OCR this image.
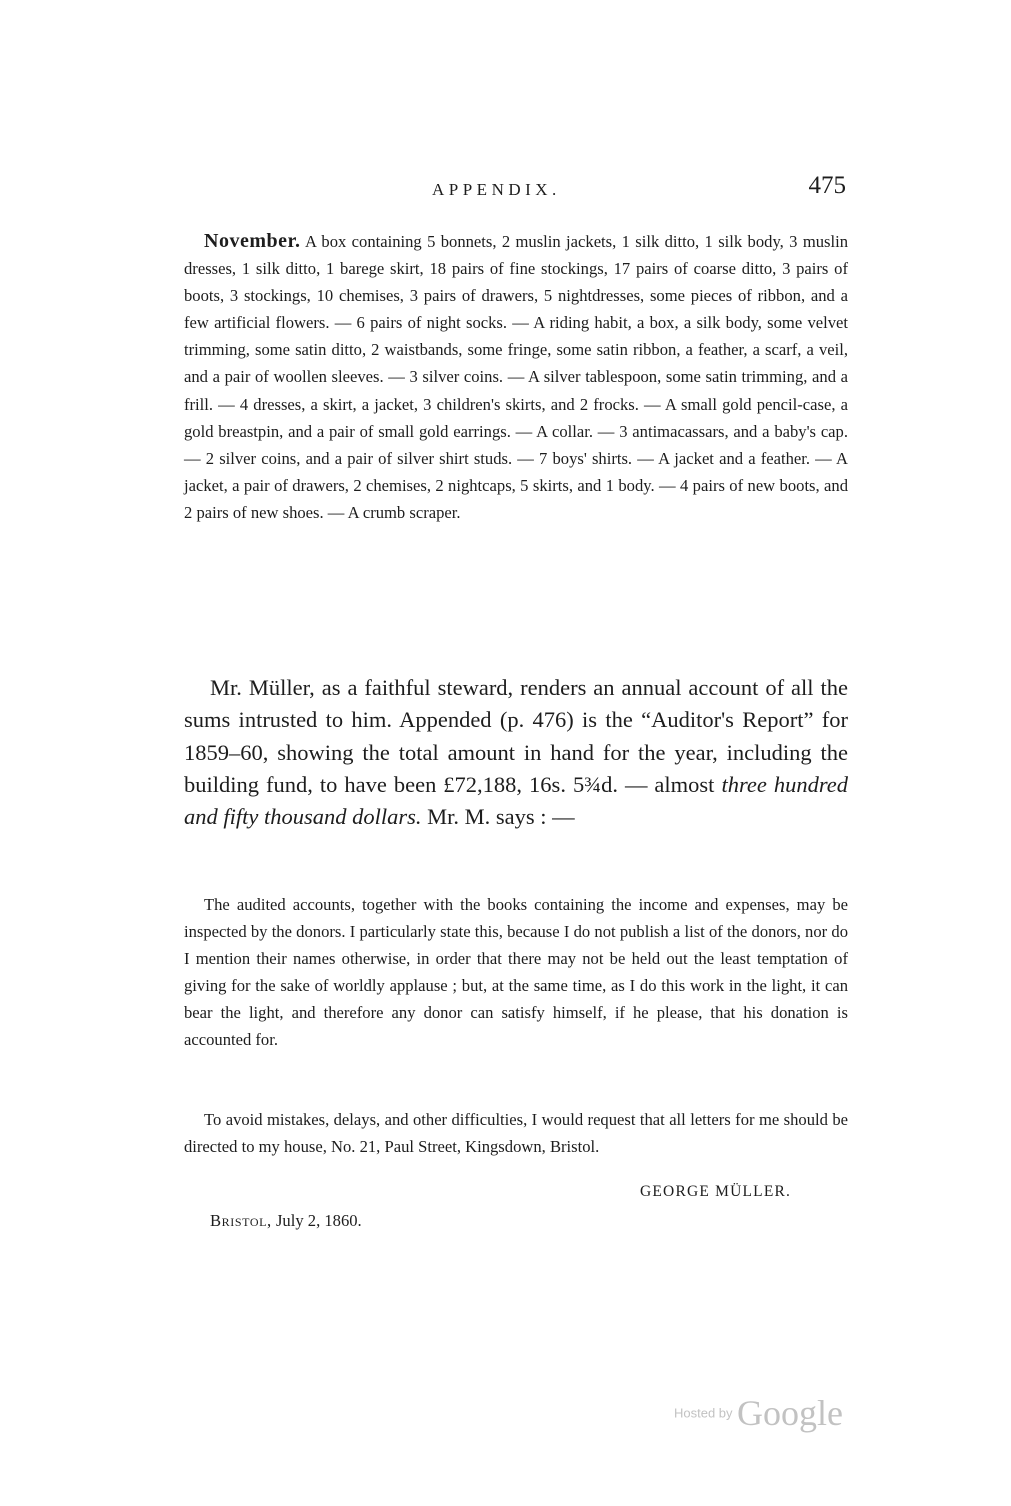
APPENDIX.	475
November. A box containing 5 bonnets, 2 muslin jackets, 1 silk ditto, 1 silk body, 3 muslin dresses, 1 silk ditto, 1 barege skirt, 18 pairs of fine stockings, 17 pairs of coarse ditto, 3 pairs of boots, 3 stockings, 10 chemises, 3 pairs of drawers, 5 nightdresses, some pieces of ribbon, and a few artificial flowers. — 6 pairs of night socks. — A riding habit, a box, a silk body, some velvet trimming, some satin ditto, 2 waistbands, some fringe, some satin ribbon, a feather, a scarf, a veil, and a pair of woollen sleeves. — 3 silver coins. — A silver tablespoon, some satin trimming, and a frill. — 4 dresses, a skirt, a jacket, 3 children's skirts, and 2 frocks. — A small gold pencil-case, a gold breastpin, and a pair of small gold earrings. — A collar. — 3 antimacassars, and a baby's cap. — 2 silver coins, and a pair of silver shirt studs. — 7 boys' shirts. — A jacket and a feather. — A jacket, a pair of drawers, 2 chemises, 2 nightcaps, 5 skirts, and 1 body. — 4 pairs of new boots, and 2 pairs of new shoes. — A crumb scraper.
Mr. Müller, as a faithful steward, renders an annual account of all the sums intrusted to him. Appended (p. 476) is the “Auditor's Report” for 1859–60, showing the total amount in hand for the year, including the building fund, to have been £72,188, 16s. 5¾d. — almost three hundred and fifty thousand dollars. Mr. M. says : —
The audited accounts, together with the books containing the income and expenses, may be inspected by the donors. I particularly state this, because I do not publish a list of the donors, nor do I mention their names otherwise, in order that there may not be held out the least temptation of giving for the sake of worldly applause ; but, at the same time, as I do this work in the light, it can bear the light, and therefore any donor can satisfy himself, if he please, that his donation is accounted for.
To avoid mistakes, delays, and other difficulties, I would request that all letters for me should be directed to my house, No. 21, Paul Street, Kingsdown, Bristol.
GEORGE MÜLLER.
Bristol, July 2, 1860.
Hosted by Google
